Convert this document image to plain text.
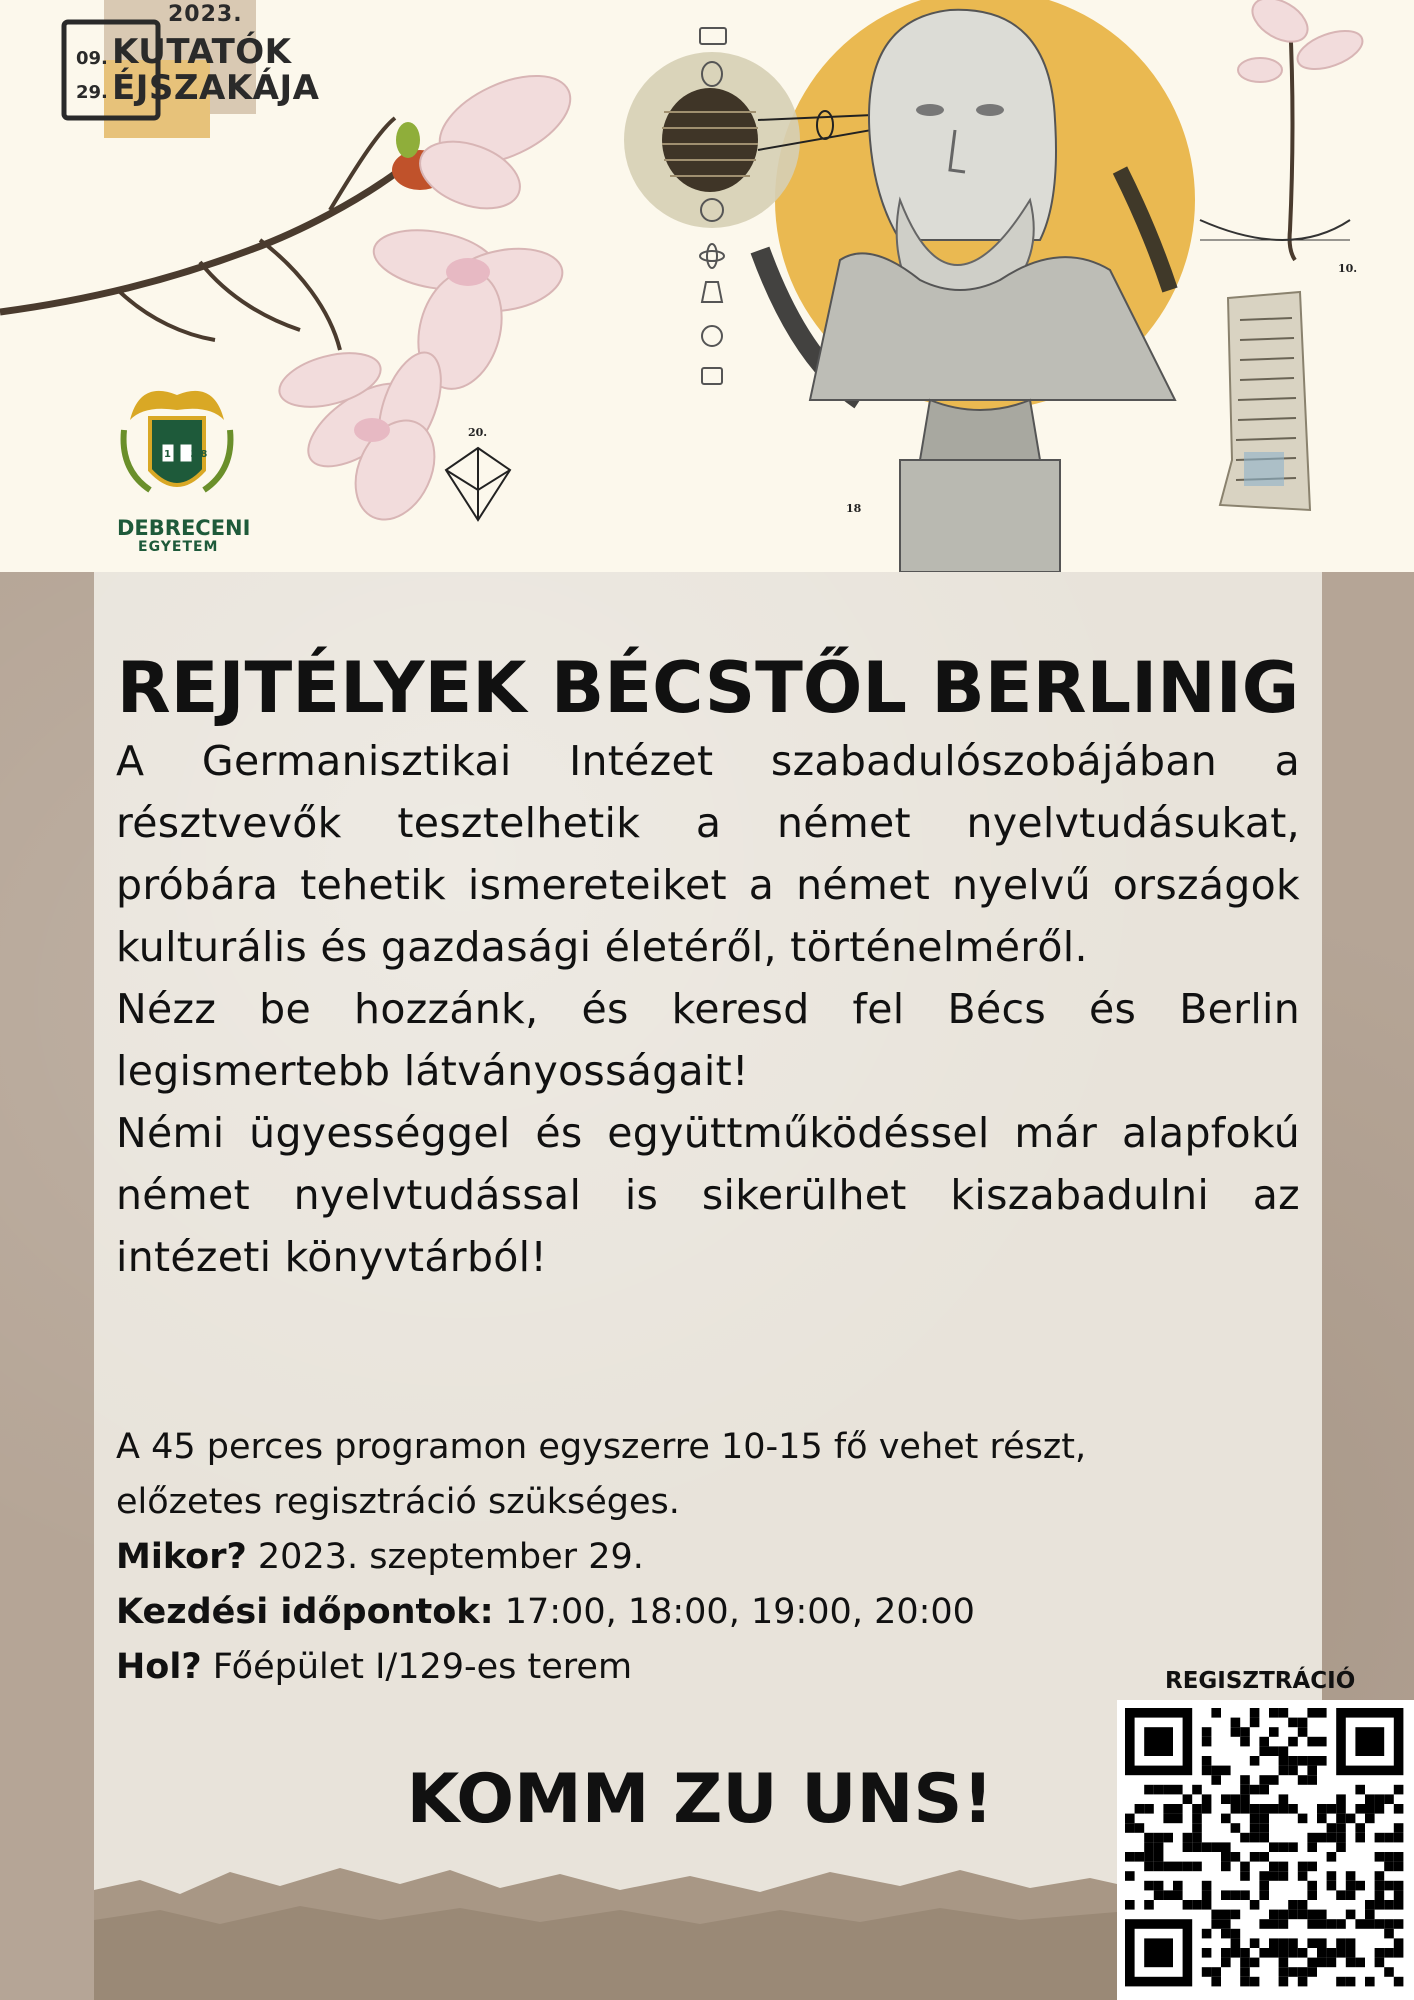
2023.
09.
29.
KUTATÓK
ÉJSZAKÁJA
DEBRECENI
EGYETEM
20.
18
10.
15 38
REJTÉLYEK BÉCSTŐL BERLINIG

A Germanisztikai Intézet szabadulószobájában a résztvevők tesztelhetik a német nyelvtudásukat, próbára tehetik ismereteiket a német nyelvű országok kulturális és gazdasági életéről, történelméről.

Nézz be hozzánk, és keresd fel Bécs és Berlin legismertebb látványosságait!

Némi ügyességgel és együttműködéssel már alapfokú német nyelvtudással is sikerülhet kiszabadulni az intézeti könyvtárból!

A 45 perces programon egyszerre 10-15 fő vehet részt,
előzetes regisztráció szükséges.
Mikor? 2023. szeptember 29.
Kezdési időpontok: 17:00, 18:00, 19:00, 20:00
Hol? Főépület I/129-es terem
KOMM ZU UNS!
REGISZTRÁCIÓ
